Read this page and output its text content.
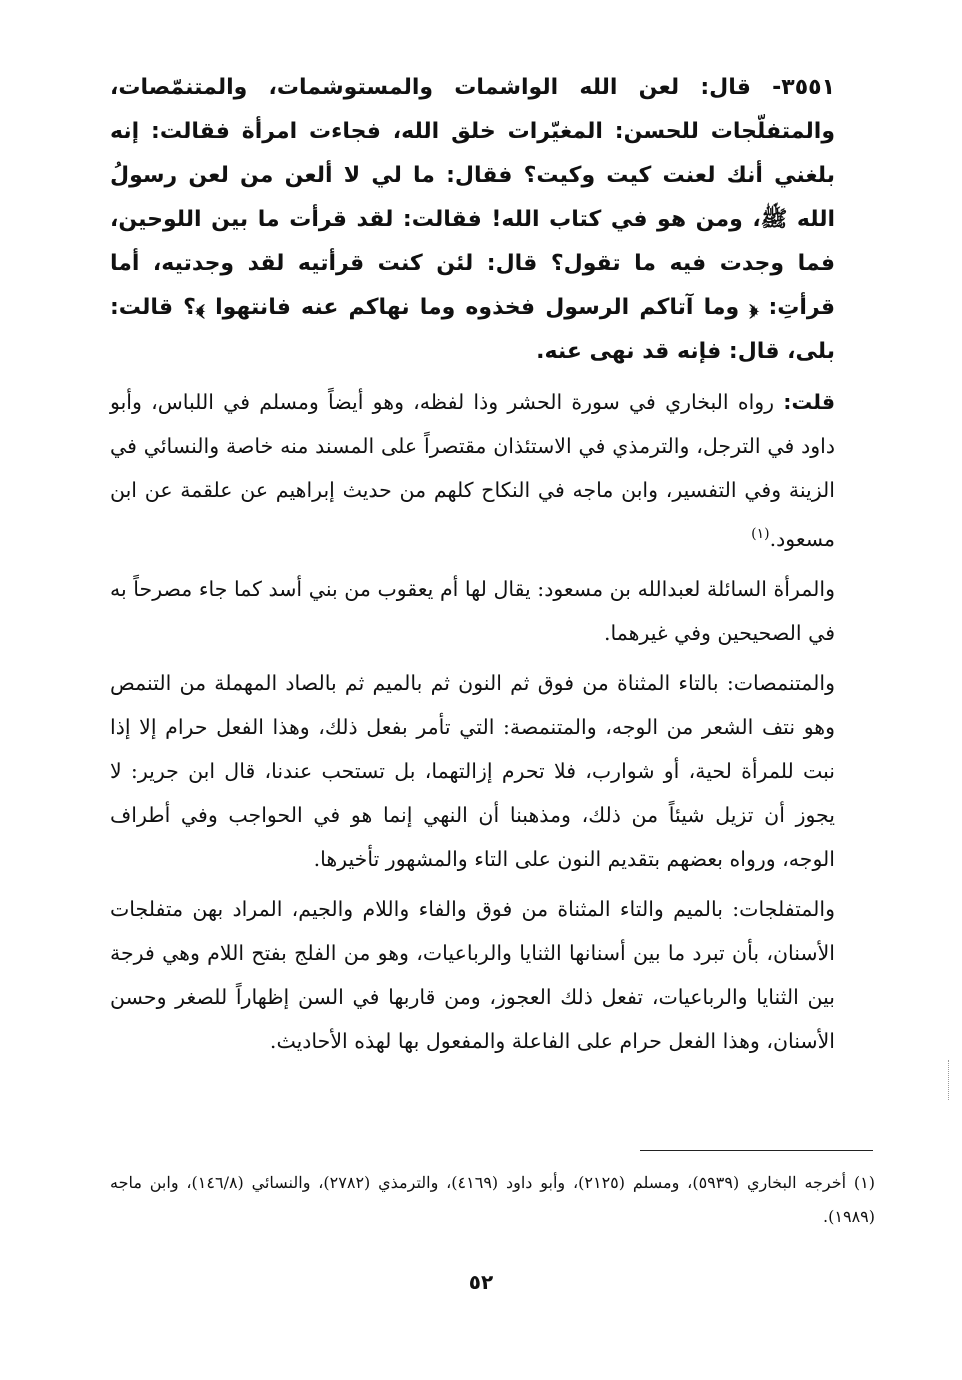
٣٥٥١- قال: لعن الله الواشمات والمستوشمات، والمتنمّصات، والمتفلّجات للحسن: المغيّرات خلق الله، فجاءت امرأة فقالت: إنه بلغني أنك لعنت كيت وكيت؟ فقال: ما لي لا ألعن من لعن رسولُ الله ﷺ، ومن هو في كتاب الله! فقالت: لقد قرأت ما بين اللوحين، فما وجدت فيه ما تقول؟ قال: لئن كنت قرأتيه لقد وجدتيه، أما قرأتِ: ﴿ وما آتاكم الرسول فخذوه وما نهاكم عنه فانتهوا ﴾؟ قالت: بلى، قال: فإنه قد نهى عنه.

قلت: رواه البخاري في سورة الحشر وذا لفظه، وهو أيضاً ومسلم في اللباس، وأبو داود في الترجل، والترمذي في الاستئذان مقتصراً على المسند منه خاصة والنسائي في الزينة وفي التفسير، وابن ماجه في النكاح كلهم من حديث إبراهيم عن علقمة عن ابن مسعود.$^{(١)}$

والمرأة السائلة لعبدالله بن مسعود: يقال لها أم يعقوب من بني أسد كما جاء مصرحاً به في الصحيحين وفي غيرهما.

والمتنمصات: بالتاء المثناة من فوق ثم النون ثم بالميم ثم بالصاد المهملة من التنمص وهو نتف الشعر من الوجه، والمتنمصة: التي تأمر بفعل ذلك، وهذا الفعل حرام إلا إذا نبت للمرأة لحية، أو شوارب، فلا تحرم إزالتهما، بل تستحب عندنا، قال ابن جرير: لا يجوز أن تزيل شيئاً من ذلك، ومذهبنا أن النهي إنما هو في الحواجب وفي أطراف الوجه، ورواه بعضهم بتقديم النون على التاء والمشهور تأخيرها.

والمتفلجات: بالميم والتاء المثناة من فوق والفاء واللام والجيم، المراد بهن متفلجات الأسنان، بأن تبرد ما بين أسنانها الثنايا والرباعيات، وهو من الفلج بفتح اللام وهي فرجة بين الثنايا والرباعيات، تفعل ذلك العجوز، ومن قاربها في السن إظهاراً للصغر وحسن الأسنان، وهذا الفعل حرام على الفاعلة والمفعول بها لهذه الأحاديث.

(١) أخرجه البخاري (٥٩٣٩)، ومسلم (٢١٢٥)، وأبو داود (٤١٦٩)، والترمذي (٢٧٨٢)، والنسائي (١٤٦/٨)، وابن ماجه (١٩٨٩).
٥٢
